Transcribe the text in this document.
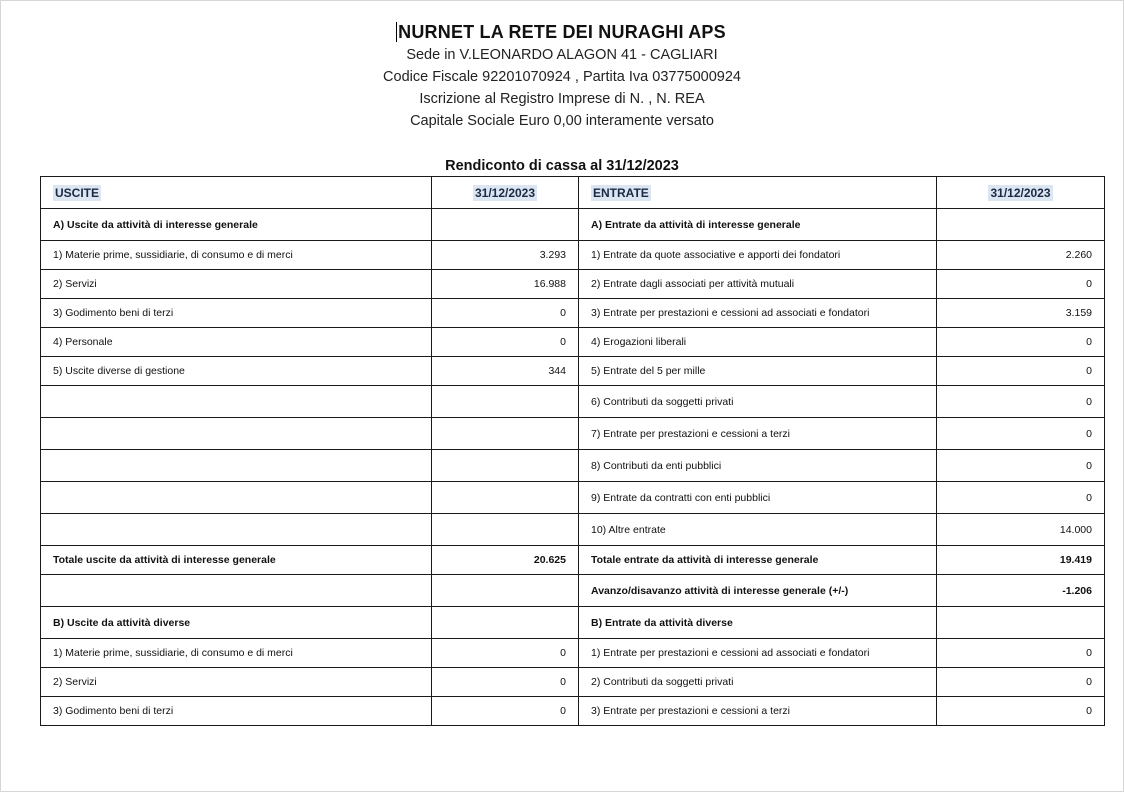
NURNET LA RETE DEI NURAGHI APS
Sede in V.LEONARDO ALAGON 41 - CAGLIARI
Codice Fiscale 92201070924 , Partita Iva 03775000924
Iscrizione al Registro Imprese di N. , N. REA
Capitale Sociale Euro 0,00 interamente versato
Rendiconto di cassa al 31/12/2023
USCITE	31/12/2023	ENTRATE	31/12/2023
A) Uscite da attività di interesse generale		A) Entrate da attività di interesse generale	
1) Materie prime, sussidiarie, di consumo e di merci	3.293	1) Entrate da quote associative e apporti dei fondatori	2.260
2) Servizi	16.988	2) Entrate dagli associati per attività mutuali	0
3) Godimento beni di terzi	0	3) Entrate per prestazioni e cessioni ad associati e fondatori	3.159
4) Personale	0	4) Erogazioni liberali	0
5) Uscite diverse di gestione	344	5) Entrate del 5 per mille	0
		6) Contributi da soggetti privati	0
		7) Entrate per prestazioni e cessioni a terzi	0
		8) Contributi da enti pubblici	0
		9) Entrate da contratti con enti pubblici	0
		10) Altre entrate	14.000
Totale uscite da attività di interesse generale	20.625	Totale entrate da attività di interesse generale	19.419
		Avanzo/disavanzo attività di interesse generale (+/-)	-1.206
B) Uscite da attività diverse		B) Entrate da attività diverse	
1) Materie prime, sussidiarie, di consumo e di merci	0	1) Entrate per prestazioni e cessioni ad associati e fondatori	0
2) Servizi	0	2) Contributi da soggetti privati	0
3) Godimento beni di terzi	0	3) Entrate per prestazioni e cessioni a terzi	0
